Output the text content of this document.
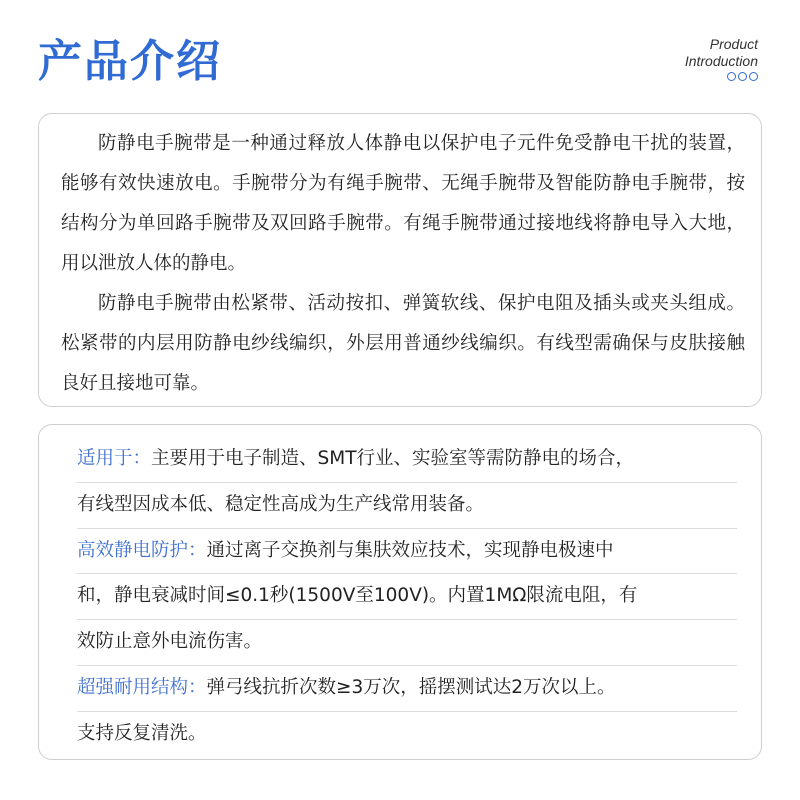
产品介绍	Product
Introduction

防静电手腕带是一种通过释放人体静电以保护电子元件免受静电干扰的装置，能够有效快速放电。手腕带分为有绳手腕带、无绳手腕带及智能防静电手腕带，按结构分为单回路手腕带及双回路手腕带。有绳手腕带通过接地线将静电导入大地，用以泄放人体的静电。

防静电手腕带由松紧带、活动按扣、弹簧软线、保护电阻及插头或夹头组成。松紧带的内层用防静电纱线编织，外层用普通纱线编织。有线型需确保与皮肤接触良好且接地可靠。

适用于：主要用于电子制造、SMT行业、实验室等需防静电的场合，
有线型因成本低、稳定性高成为生产线常用装备。
高效静电防护：通过离子交换剂与集肤效应技术，实现静电极速中
和，静电衰减时间≤0.1秒(1500V至100V)。内置1MΩ限流电阻，有
效防止意外电流伤害。
超强耐用结构：弹弓线抗折次数≥3万次，摇摆测试达2万次以上。
支持反复清洗。
